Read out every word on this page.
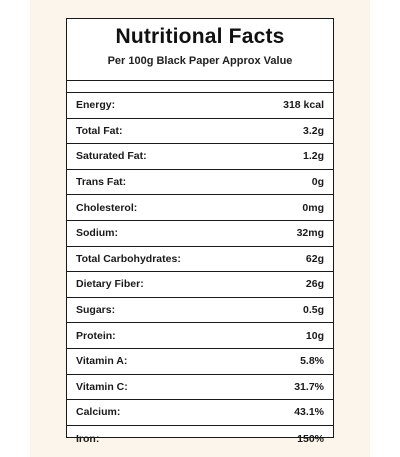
Nutritional Facts
Per 100g Black Paper Approx Value
Energy:	318 kcal
Total Fat:	3.2g
Saturated Fat:	1.2g
Trans Fat:	0g
Cholesterol:	0mg
Sodium:	32mg
Total Carbohydrates:	62g
Dietary Fiber:	26g
Sugars:	0.5g
Protein:	10g
Vitamin A:	5.8%
Vitamin C:	31.7%
Calcium:	43.1%
Iron:	150%
